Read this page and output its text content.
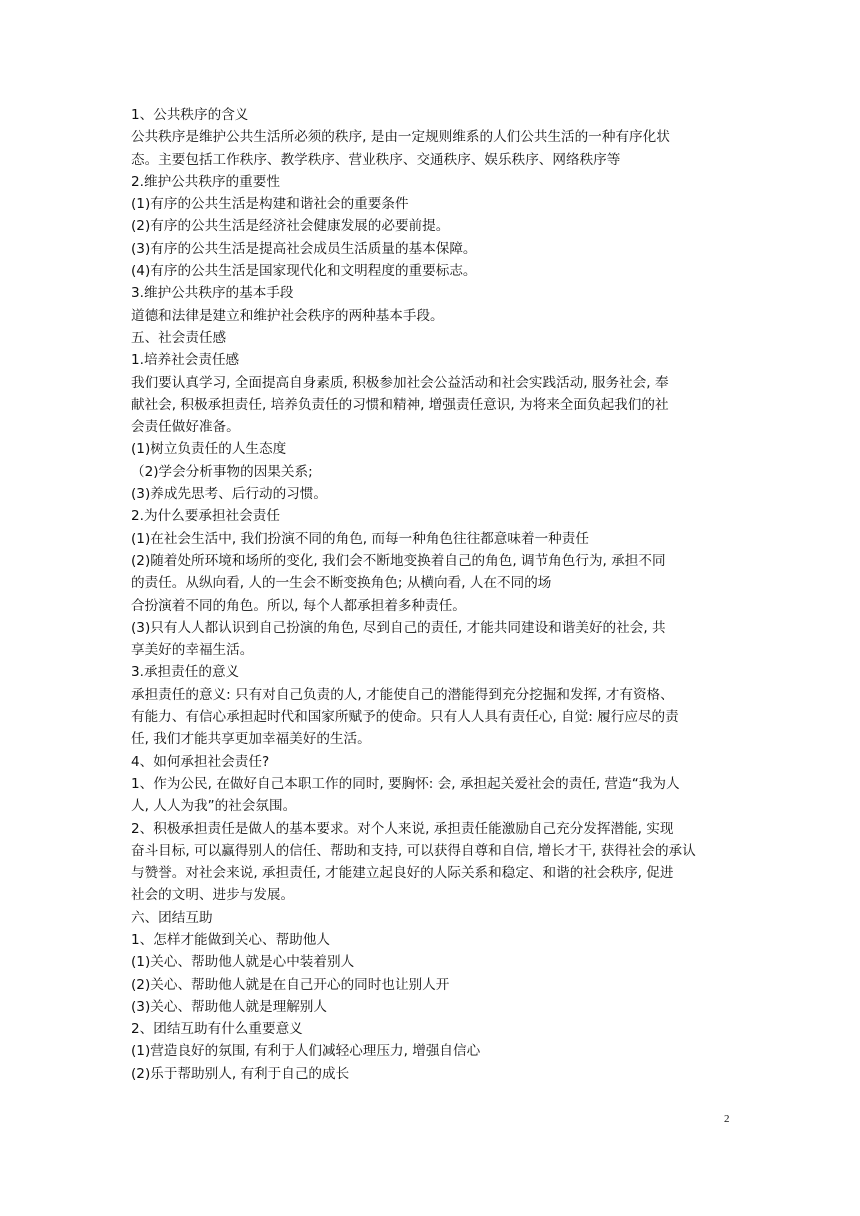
1、公共秩序的含义
公共秩序是维护公共生活所必须的秩序, 是由一定规则维系的人们公共生活的一种有序化状
态。主要包括工作秩序、教学秩序、营业秩序、交通秩序、娱乐秩序、网络秩序等
2.维护公共秩序的重要性
(1)有序的公共生活是构建和谐社会的重要条件
(2)有序的公共生活是经济社会健康发展的必要前提。
(3)有序的公共生活是提高社会成员生活质量的基本保障。
(4)有序的公共生活是国家现代化和文明程度的重要标志。
3.维护公共秩序的基本手段
道德和法律是建立和维护社会秩序的两种基本手段。
五、社会责任感
1.培养社会责任感
我们要认真学习, 全面提高自身素质, 积极参加社会公益活动和社会实践活动, 服务社会, 奉
献社会, 积极承担责任, 培养负责任的习惯和精神, 增强责任意识, 为将来全面负起我们的社
会责任做好准备。
(1)树立负责任的人生态度
（2)学会分析事物的因果关系;
(3)养成先思考、后行动的习惯。
2.为什么要承担社会责任
(1)在社会生活中, 我们扮演不同的角色, 而每一种角色往往都意味着一种责任
(2)随着处所环境和场所的变化, 我们会不断地变换着自己的角色, 调节角色行为, 承担不同
的责任。从纵向看, 人的一生会不断变换角色; 从横向看, 人在不同的场
合扮演着不同的角色。所以, 每个人都承担着多种责任。
(3)只有人人都认识到自己扮演的角色, 尽到自己的责任, 才能共同建设和谐美好的社会, 共
享美好的幸福生活。
3.承担责任的意义
承担责任的意义: 只有对自己负责的人, 才能使自己的潜能得到充分挖掘和发挥, 才有资格、
有能力、有信心承担起时代和国家所赋予的使命。只有人人具有责任心, 自觉: 履行应尽的责
任, 我们才能共享更加幸福美好的生活。
4、如何承担社会责任?
1、作为公民, 在做好自己本职工作的同时, 要胸怀: 会, 承担起关爱社会的责任, 营造“我为人
人, 人人为我”的社会氛围。
2、积极承担责任是做人的基本要求。对个人来说, 承担责任能激励自己充分发挥潜能, 实现
奋斗目标, 可以赢得别人的信任、帮助和支持, 可以获得自尊和自信, 增长才干, 获得社会的承认
与赞誉。对社会来说, 承担责任, 才能建立起良好的人际关系和稳定、和谐的社会秩序, 促进
社会的文明、进步与发展。
六、团结互助
1、怎样才能做到关心、帮助他人
(1)关心、帮助他人就是心中装着别人
(2)关心、帮助他人就是在自己开心的同时也让别人开
(3)关心、帮助他人就是理解别人
2、团结互助有什么重要意义
(1)营造良好的氛围, 有利于人们减轻心理压力, 增强自信心
(2)乐于帮助别人, 有利于自己的成长
2
